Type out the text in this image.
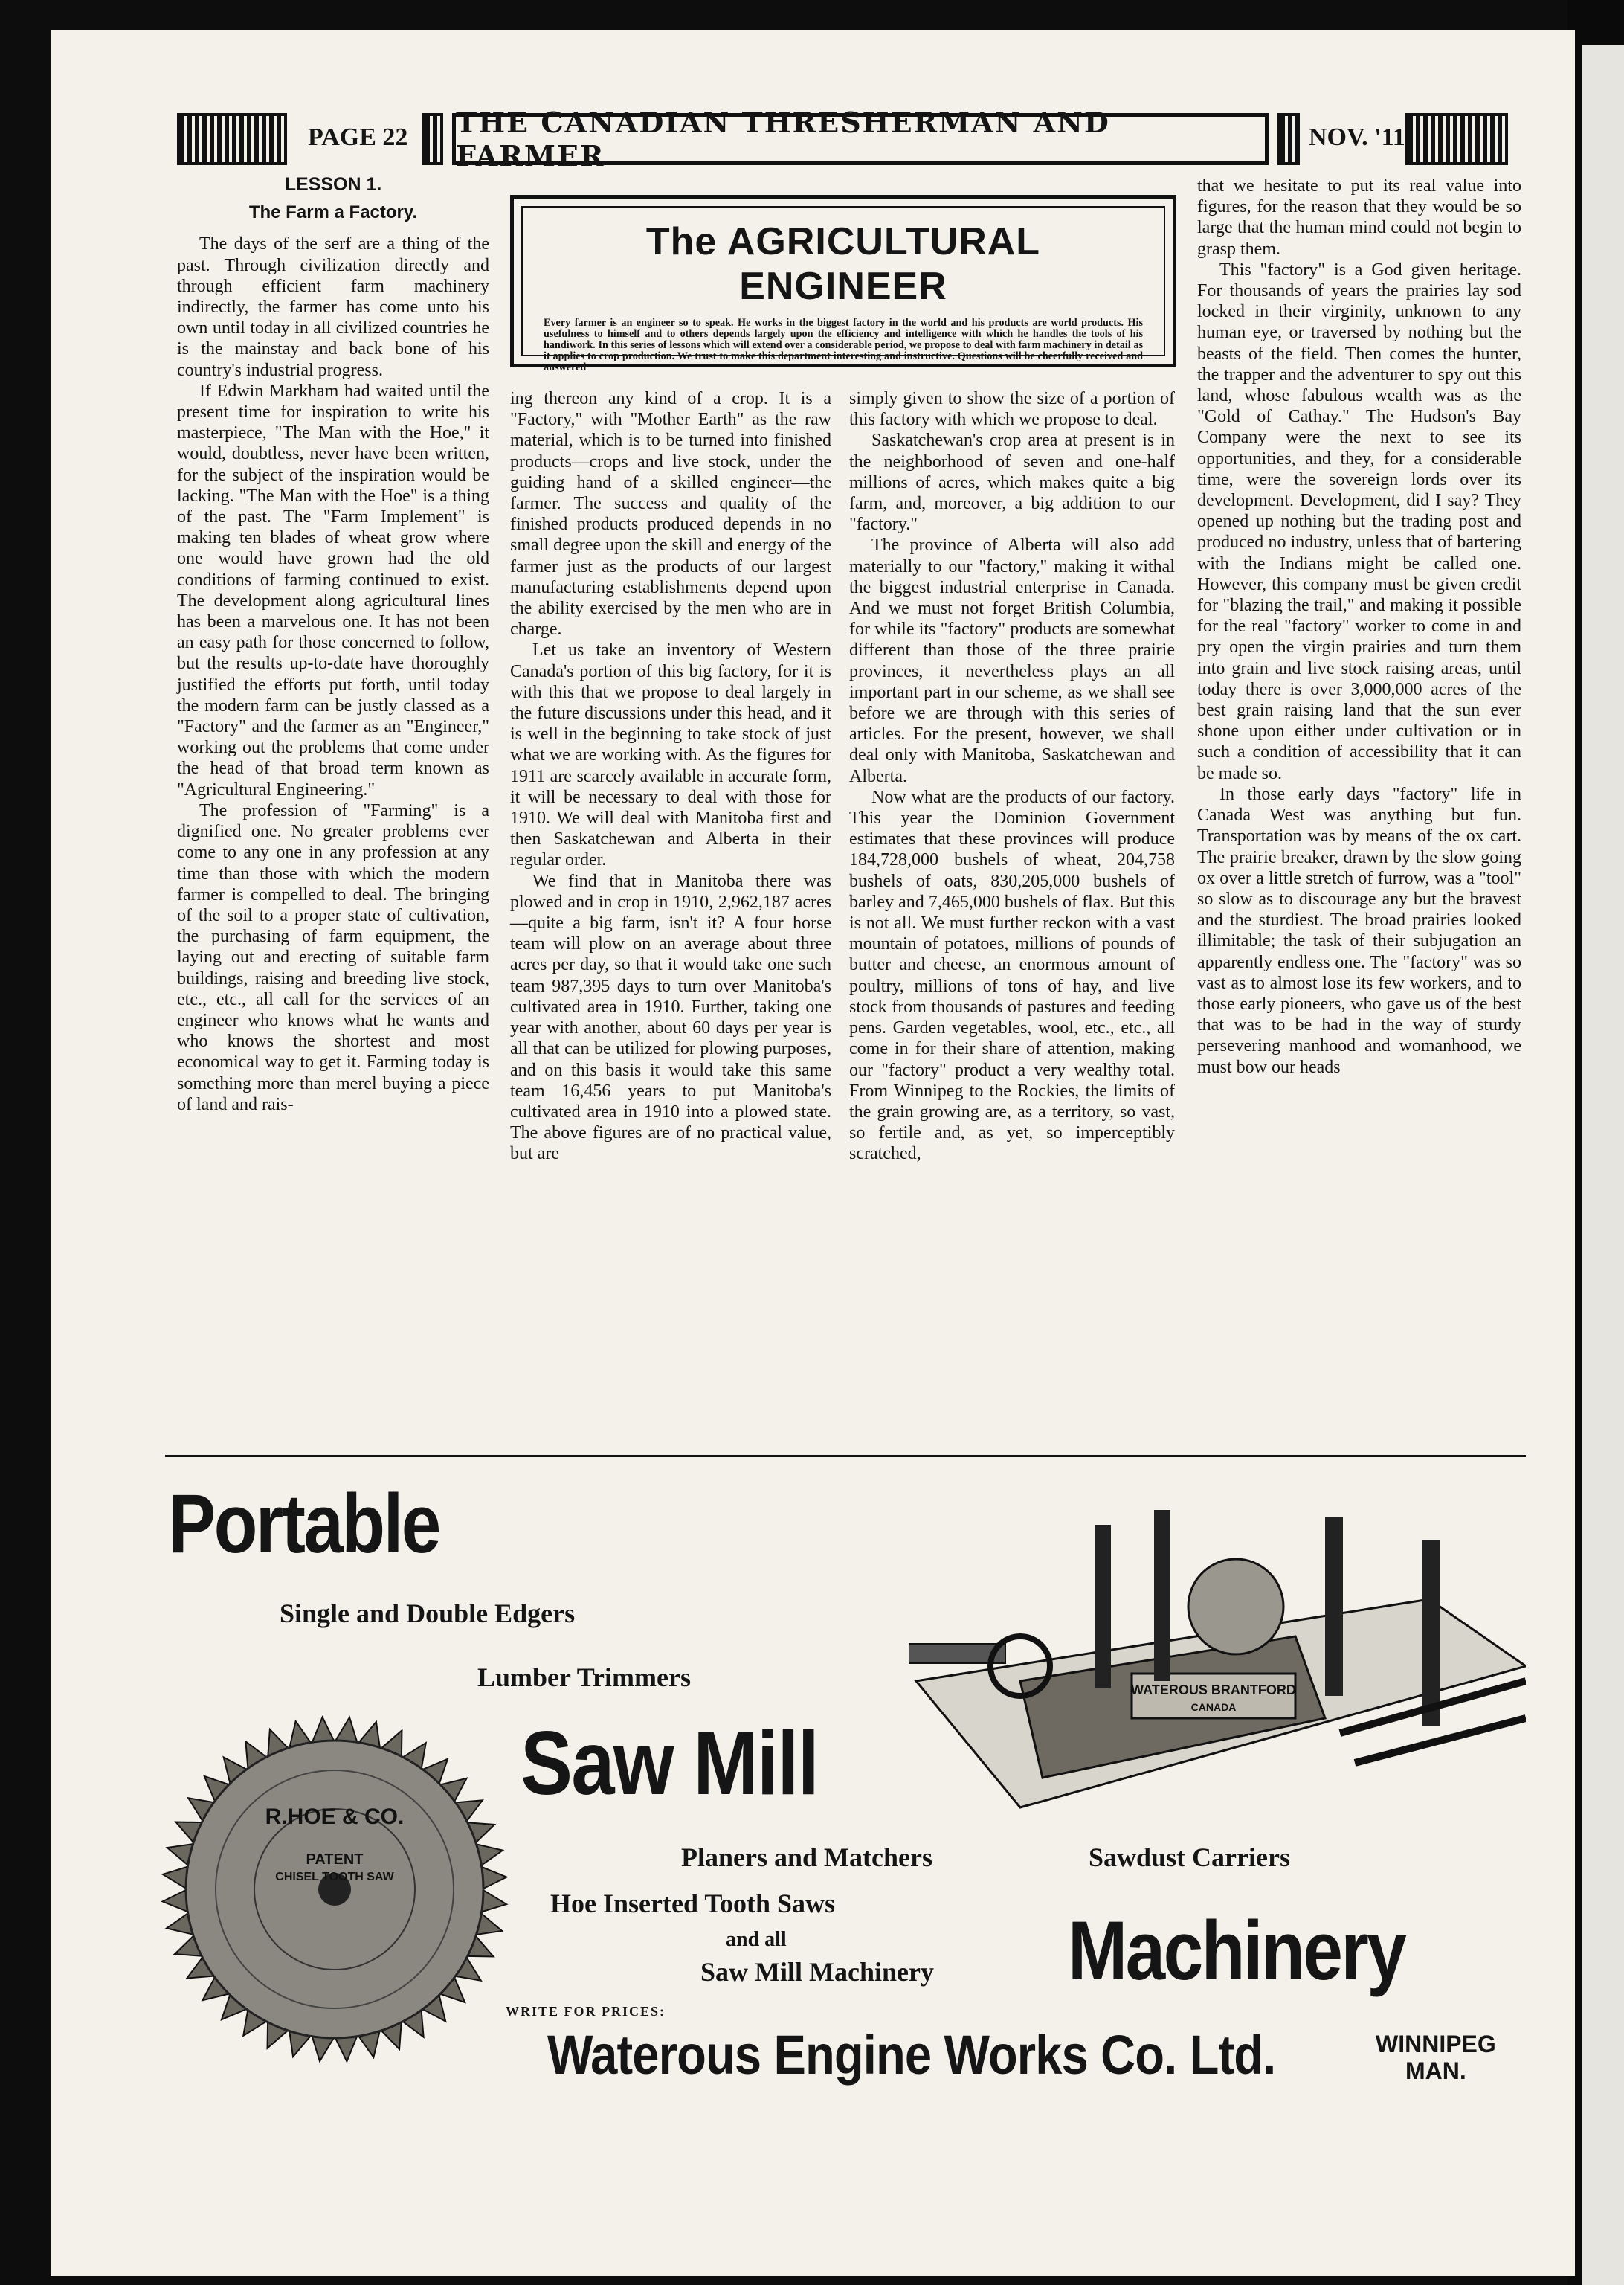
PAGE 22 THE CANADIAN THRESHERMAN AND FARMER
NOV. '11
The AGRICULTURAL ENGINEER
Every farmer is an engineer so to speak. He works in the biggest factory in the world and his products are world products. His usefulness to himself and to others depends largely upon the efficiency and intelligence with which he handles the tools of his handiwork. In this series of lessons which will extend over a considerable period, we propose to deal with farm machinery in detail as it applies to crop production. We trust to make this department interesting and instructive. Questions will be cheerfully received and answered

LESSON 1.

The Farm a Factory.

The days of the serf are a thing of the past. Through civilization directly and through efficient farm machinery indirectly, the farmer has come unto his own until today in all civilized countries he is the mainstay and back bone of his country's industrial progress.

If Edwin Markham had waited until the present time for inspiration to write his masterpiece, "The Man with the Hoe," it would, doubtless, never have been written, for the subject of the inspiration would be lacking. "The Man with the Hoe" is a thing of the past. The "Farm Implement" is making ten blades of wheat grow where one would have grown had the old conditions of farming continued to exist. The development along agricultural lines has been a marvelous one. It has not been an easy path for those concerned to follow, but the results up-to-date have thoroughly justified the efforts put forth, until today the modern farm can be justly classed as a "Factory" and the farmer as an "Engineer," working out the problems that come under the head of that broad term known as "Agricultural Engineering."

The profession of "Farming" is a dignified one. No greater problems ever come to any one in any profession at any time than those with which the modern farmer is compelled to deal. The bringing of the soil to a proper state of cultivation, the purchasing of farm equipment, the laying out and erecting of suitable farm buildings, raising and breeding live stock, etc., etc., all call for the services of an engineer who knows what he wants and who knows the shortest and most economical way to get it. Farming today is something more than merel buying a piece of land and rais-

ing thereon any kind of a crop. It is a "Factory," with "Mother Earth" as the raw material, which is to be turned into finished products—crops and live stock, under the guiding hand of a skilled engineer—the farmer. The success and quality of the finished products produced depends in no small degree upon the skill and energy of the farmer just as the products of our largest manufacturing establishments depend upon the ability exercised by the men who are in charge.

Let us take an inventory of Western Canada's portion of this big factory, for it is with this that we propose to deal largely in the future discussions under this head, and it is well in the beginning to take stock of just what we are working with. As the figures for 1911 are scarcely available in accurate form, it will be necessary to deal with those for 1910. We will deal with Manitoba first and then Saskatchewan and Alberta in their regular order.

We find that in Manitoba there was plowed and in crop in 1910, 2,962,187 acres—quite a big farm, isn't it? A four horse team will plow on an average about three acres per day, so that it would take one such team 987,395 days to turn over Manitoba's cultivated area in 1910. Further, taking one year with another, about 60 days per year is all that can be utilized for plowing purposes, and on this basis it would take this same team 16,456 years to put Manitoba's cultivated area in 1910 into a plowed state. The above figures are of no practical value, but are

simply given to show the size of a portion of this factory with which we propose to deal.

Saskatchewan's crop area at present is in the neighborhood of seven and one-half millions of acres, which makes quite a big farm, and, moreover, a big addition to our "factory."

The province of Alberta will also add materially to our "factory," making it withal the biggest industrial enterprise in Canada. And we must not forget British Columbia, for while its "factory" products are somewhat different than those of the three prairie provinces, it nevertheless plays an all important part in our scheme, as we shall see before we are through with this series of articles. For the present, however, we shall deal only with Manitoba, Saskatchewan and Alberta.

Now what are the products of our factory. This year the Dominion Government estimates that these provinces will produce 184,728,000 bushels of wheat, 204,758 bushels of oats, 830,205,000 bushels of barley and 7,465,000 bushels of flax. But this is not all. We must further reckon with a vast mountain of potatoes, millions of pounds of butter and cheese, an enormous amount of poultry, millions of tons of hay, and live stock from thousands of pastures and feeding pens. Garden vegetables, wool, etc., etc., all come in for their share of attention, making our "factory" product a very wealthy total. From Winnipeg to the Rockies, the limits of the grain growing are, as a territory, so vast, so fertile and, as yet, so imperceptibly scratched,

that we hesitate to put its real value into figures, for the reason that they would be so large that the human mind could not begin to grasp them.

This "factory" is a God given heritage. For thousands of years the prairies lay sod locked in their virginity, unknown to any human eye, or traversed by nothing but the beasts of the field. Then comes the hunter, the trapper and the adventurer to spy out this land, whose fabulous wealth was as the "Gold of Cathay." The Hudson's Bay Company were the next to see its opportunities, and they, for a considerable time, were the sovereign lords over its development. Development, did I say? They opened up nothing but the trading post and produced no industry, unless that of bartering with the Indians might be called one. However, this company must be given credit for "blazing the trail," and making it possible for the real "factory" worker to come in and pry open the virgin prairies and turn them into grain and live stock raising areas, until today there is over 3,000,000 acres of the best grain raising land that the sun ever shone upon either under cultivation or in such a condition of accessibility that it can be made so.

In those early days "factory" life in Canada West was anything but fun. Transportation was by means of the ox cart. The prairie breaker, drawn by the slow going ox over a little stretch of furrow, was a "tool" so slow as to discourage any but the bravest and the sturdiest. The broad prairies looked illimitable; the task of their subjugation an apparently endless one. The "factory" was so vast as to almost lose its few workers, and to those early pioneers, who gave us of the best that was to be had in the way of sturdy persevering manhood and womanhood, we must bow our heads

Portable
Single and Double Edgers
Lumber Trimmers
Saw Mill
Planers and Matchers	Sawdust Carriers
Hoe Inserted Tooth Saws
and all
Saw Mill Machinery Machinery
WRITE FOR PRICES:
Waterous Engine Works Co. Ltd.	WINNIPEG
MAN.
R.HOE & CO.
PATENT
CHISEL TOOTH SAW
WATEROUS BRANTFORD
CANADA
